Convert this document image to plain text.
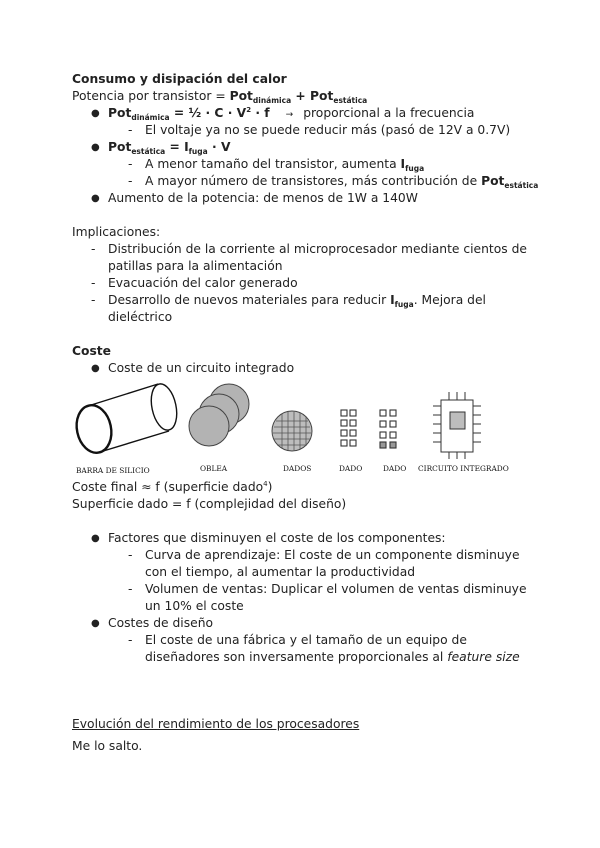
Consumo y disipación del calor
Potencia por transistor = Pot$_{dinámica}$ + Pot$_{estática}$
● Pot$_{dinámica}$ = ½ · $C \cdot V^2 \cdot f$ → proporcional a la frecuencia
- El voltaje ya no se puede reducir más (pasó de 12V a 0.7V)
● $Pot_{estática} = I_{fuga} \cdot V$
- A menor tamaño del transistor, aumenta $I_{fuga}$
- A mayor número de transistores, más contribución de Pot$_{estática}$
● Aumento de la potencia: de menos de 1W a 140W
Implicaciones:
- Distribución de la corriente al microprocesador mediante cientos de
patillas para la alimentación
- Evacuación del calor generado
- Desarrollo de nuevos materiales para reducir $I_{fuga}$. Mejora del
dieléctrico
Coste
● Coste de un circuito integrado
BARRA DE SILICIO	OBLEA	DADOS	DADO	DADO CIRCUITO INTEGRADO
Coste final ≈ f (superficie dado$^4$)
Superficie dado = f (complejidad del diseño)
● Factores que disminuyen el coste de los componentes:
- Curva de aprendizaje: El coste de un componente disminuye
con el tiempo, al aumentar la productividad
- Volumen de ventas: Duplicar el volumen de ventas disminuye
un 10% el coste
● Costes de diseño
- El coste de una fábrica y el tamaño de un equipo de
diseñadores son inversamente proporcionales al feature size
Evolución del rendimiento de los procesadores
Me lo salto.
